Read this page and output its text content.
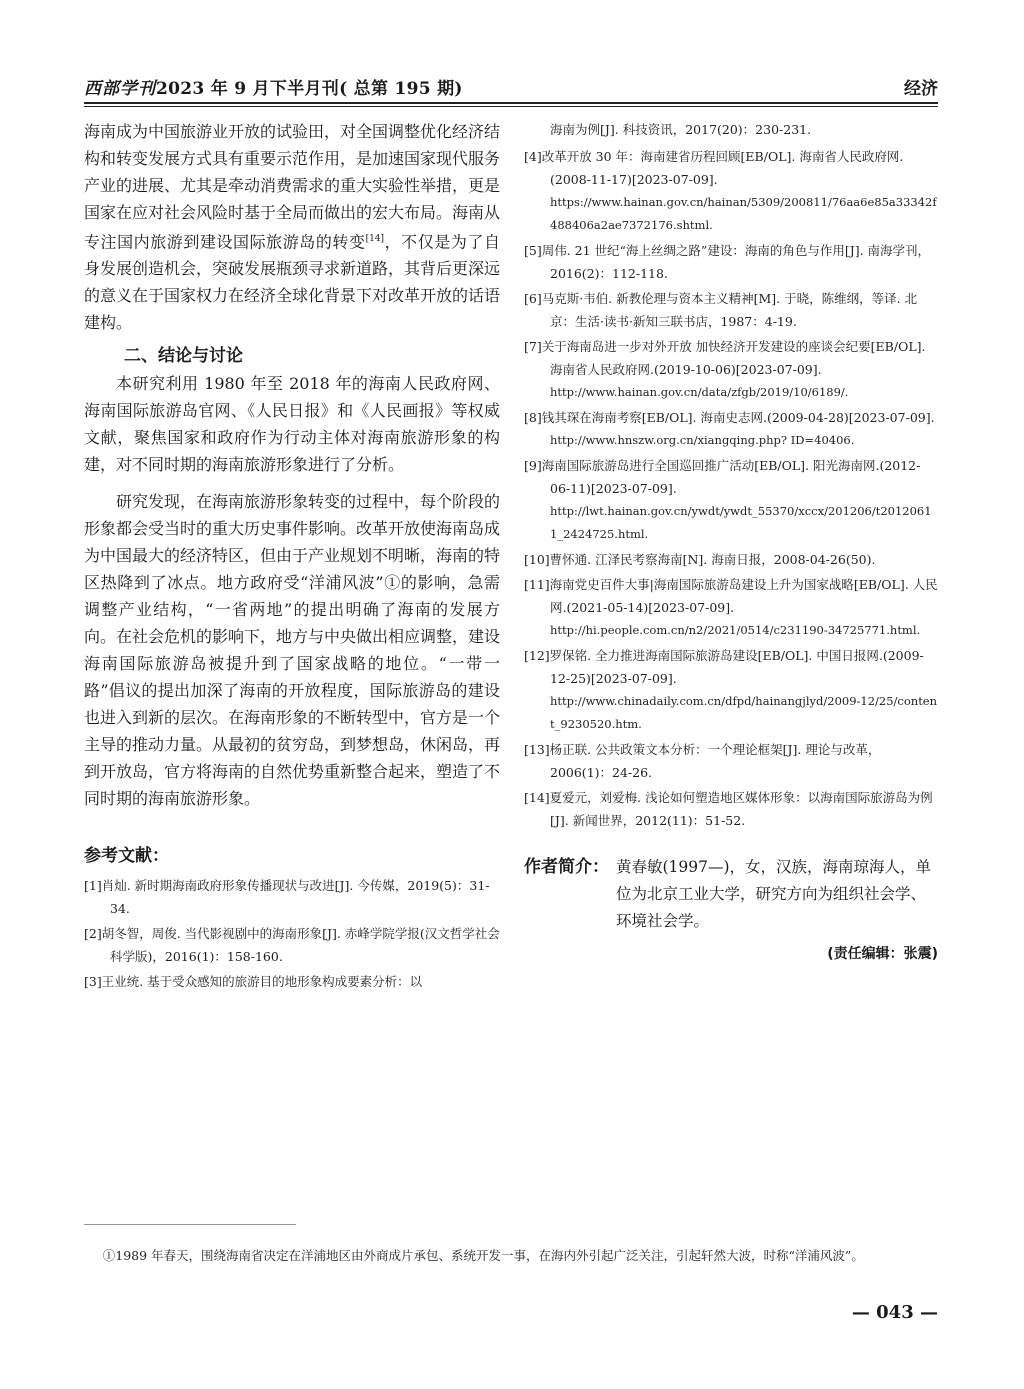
西部学刊2023 年 9 月下半月刊( 总第 195 期)	经济

海南成为中国旅游业开放的试验田，对全国调整优化经济结构和转变发展方式具有重要示范作用，是加速国家现代服务产业的进展、尤其是牵动消费需求的重大实验性举措，更是国家在应对社会风险时基于全局而做出的宏大布局。海南从专注国内旅游到建设国际旅游岛的转变[14]，不仅是为了自身发展创造机会，突破发展瓶颈寻求新道路，其背后更深远的意义在于国家权力在经济全球化背景下对改革开放的话语建构。

二、结论与讨论

本研究利用 1980 年至 2018 年的海南人民政府网、海南国际旅游岛官网、《人民日报》和《人民画报》等权威文献，聚焦国家和政府作为行动主体对海南旅游形象的构建，对不同时期的海南旅游形象进行了分析。

研究发现，在海南旅游形象转变的过程中，每个阶段的形象都会受当时的重大历史事件影响。改革开放使海南岛成为中国最大的经济特区，但由于产业规划不明晰，海南的特区热降到了冰点。地方政府受“洋浦风波”①的影响，急需调整产业结构，“一省两地”的提出明确了海南的发展方向。在社会危机的影响下，地方与中央做出相应调整，建设海南国际旅游岛被提升到了国家战略的地位。“一带一路”倡议的提出加深了海南的开放程度，国际旅游岛的建设也进入到新的层次。在海南形象的不断转型中，官方是一个主导的推动力量。从最初的贫穷岛，到梦想岛，休闲岛，再到开放岛，官方将海南的自然优势重新整合起来，塑造了不同时期的海南旅游形象。

参考文献：
[1]肖灿. 新时期海南政府形象传播现状与改进[J]. 今传媒，2019(5)：31-34.
[2]胡冬智，周俊. 当代影视剧中的海南形象[J]. 赤峰学院学报(汉文哲学社会科学版)，2016(1)：158-160.
[3]王业统. 基于受众感知的旅游目的地形象构成要素分析：以
海南为例[J]. 科技资讯，2017(20)：230-231.
[4]改革开放 30 年：海南建省历程回顾[EB/OL]. 海南省人民政府网.(2008-11-17)[2023-07-09].
https://www.hainan.gov.cn/hainan/5309/200811/76aa6e85a33342f488406a2ae7372176.shtml.
[5]周伟. 21 世纪“海上丝绸之路”建设：海南的角色与作用[J]. 南海学刊，2016(2)：112-118.
[6]马克斯·韦伯. 新教伦理与资本主义精神[M]. 于晓，陈维纲，等译. 北京：生活·读书·新知三联书店，1987：4-19.
[7]关于海南岛进一步对外开放 加快经济开发建设的座谈会纪要[EB/OL]. 海南省人民政府网.(2019-10-06)[2023-07-09].
http://www.hainan.gov.cn/data/zfgb/2019/10/6189/.
[8]钱其琛在海南考察[EB/OL]. 海南史志网.(2009-04-28)[2023-07-09].
http://www.hnszw.org.cn/xiangqing.php? ID=40406.
[9]海南国际旅游岛进行全国巡回推广活动[EB/OL]. 阳光海南网.(2012-06-11)[2023-07-09].
http://lwt.hainan.gov.cn/ywdt/ywdt_55370/xccx/201206/t20120611_2424725.html.
[10]曹怀通. 江泽民考察海南[N]. 海南日报，2008-04-26(50).
[11]海南党史百件大事|海南国际旅游岛建设上升为国家战略[EB/OL]. 人民网.(2021-05-14)[2023-07-09].
http://hi.people.com.cn/n2/2021/0514/c231190-34725771.html.
[12]罗保铭. 全力推进海南国际旅游岛建设[EB/OL]. 中国日报网.(2009-12-25)[2023-07-09].
http://www.chinadaily.com.cn/dfpd/hainangjlyd/2009-12/25/content_9230520.htm.
[13]杨正联. 公共政策文本分析：一个理论框架[J]. 理论与改革，2006(1)：24-26.
[14]夏爱元，刘爱梅. 浅论如何塑造地区媒体形象：以海南国际旅游岛为例[J]. 新闻世界，2012(11)：51-52.
作者简介： 黄春敏(1997—)，女，汉族，海南琼海人，单位为北京工业大学，研究方向为组织社会学、环境社会学。
(责任编辑：张震)
①1989 年春天，围绕海南省决定在洋浦地区由外商成片承包、系统开发一事，在海内外引起广泛关注，引起轩然大波，时称“洋浦风波”。
— 043 —
